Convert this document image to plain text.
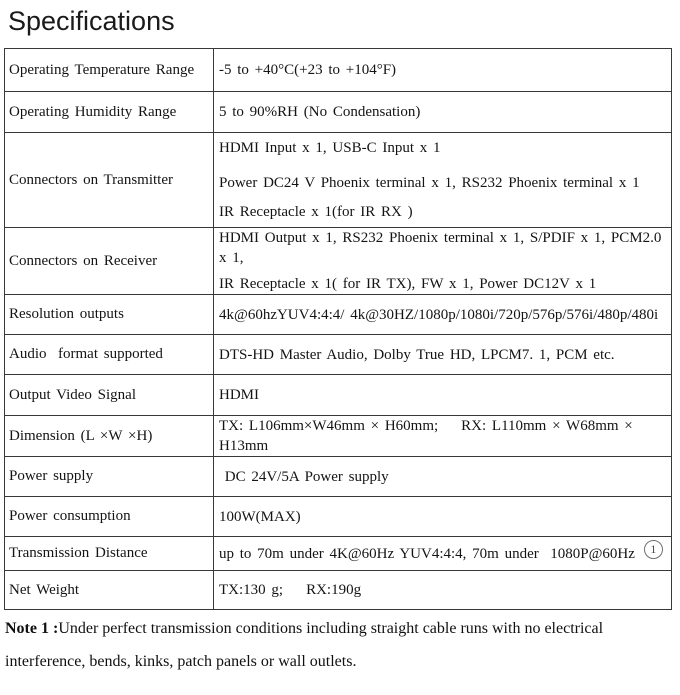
Specifications
Operating Temperature Range	-5 to +40°C(+23 to +104°F)

Operating Humidity Range	5 to 90%RH (No Condensation)

Connectors on Transmitter	HDMI Input x 1, USB-C Input x 1
Power DC24 V Phoenix terminal x 1, RS232 Phoenix terminal x 1
IR Receptacle x 1(for IR RX )

Connectors on Receiver	HDMI Output x 1, RS232 Phoenix terminal x 1, S/PDIF x 1, PCM2.0 x 1,
IR Receptacle x 1( for IR TX), FW x 1, Power DC12V x 1

Resolution outputs	4k@60hzYUV4:4:4/ 4k@30HZ/1080p/1080i/720p/576p/576i/480p/480i

Audio  format supported	DTS-HD Master Audio, Dolby True HD, LPCM7. 1, PCM etc.

Output Video Signal	HDMI

Dimension (L ×W ×H)	TX: L106mm×W46mm × H60mm;    RX: L110mm × W68mm × H13mm

Power supply	DC 24V/5A Power supply

Power consumption	100W(MAX)

Transmission Distance	up to 70m under 4K@60Hz YUV4:4:4, 70m under  1080P@60Hz 1

Net Weight	TX:130 g;    RX:190g
Note 1 :Under perfect transmission conditions including straight cable runs with no electrical interference, bends, kinks, patch panels or wall outlets.
